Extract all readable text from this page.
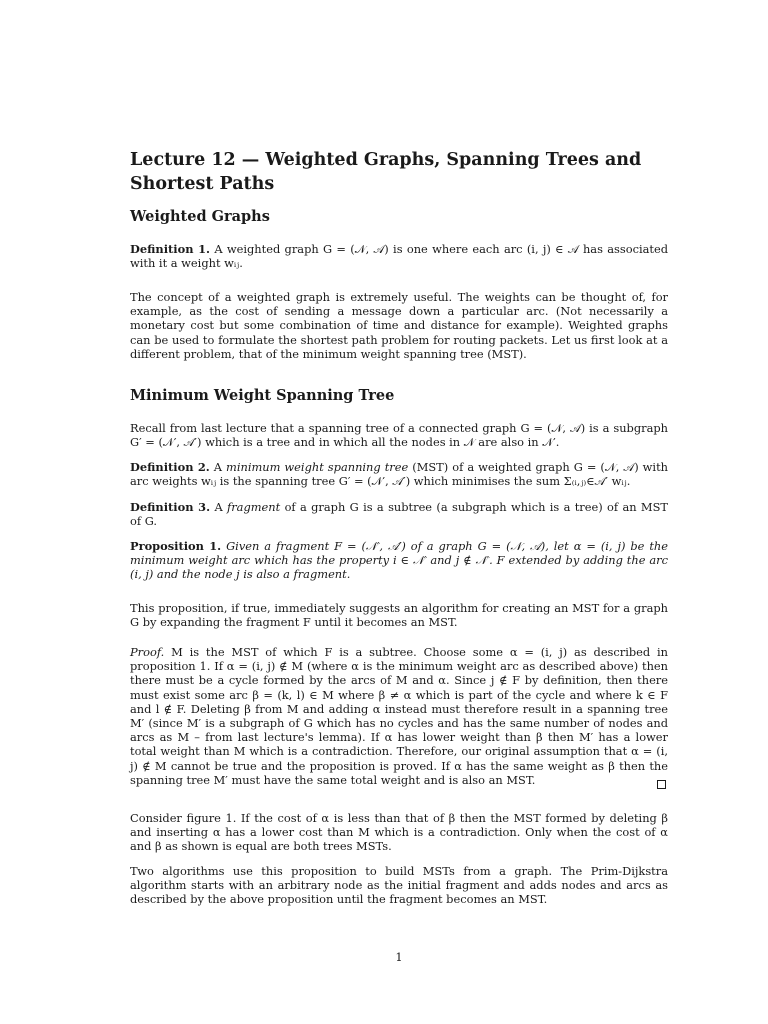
Lecture 12 — Weighted Graphs, Spanning Trees and Shortest Paths
Weighted Graphs

Definition 1. A weighted graph G = (𝒩, 𝒜) is one where each arc (i, j) ∈ 𝒜 has associated with it a weight wᵢⱼ.

The concept of a weighted graph is extremely useful. The weights can be thought of, for example, as the cost of sending a message down a particular arc. (Not necessarily a monetary cost but some combination of time and distance for example). Weighted graphs can be used to formulate the shortest path problem for routing packets. Let us first look at a different problem, that of the minimum weight spanning tree (MST).

Minimum Weight Spanning Tree

Recall from last lecture that a spanning tree of a connected graph G = (𝒩, 𝒜) is a subgraph G′ = (𝒩′, 𝒜′) which is a tree and in which all the nodes in 𝒩 are also in 𝒩′.

Definition 2. A minimum weight spanning tree (MST) of a weighted graph G = (𝒩, 𝒜) with arc weights wᵢⱼ is the spanning tree G′ = (𝒩′, 𝒜′) which minimises the sum Σ₍ᵢ,ⱼ₎∈𝒜′ wᵢⱼ.

Definition 3. A fragment of a graph G is a subtree (a subgraph which is a tree) of an MST of G.

Proposition 1. Given a fragment F = (𝒩′, 𝒜′) of a graph G = (𝒩, 𝒜), let α = (i, j) be the minimum weight arc which has the property i ∈ 𝒩′ and j ∉ 𝒩′. F extended by adding the arc (i, j) and the node j is also a fragment.

This proposition, if true, immediately suggests an algorithm for creating an MST for a graph G by expanding the fragment F until it becomes an MST.

Proof. M is the MST of which F is a subtree. Choose some α = (i, j) as described in proposition 1. If α = (i, j) ∉ M (where α is the minimum weight arc as described above) then there must be a cycle formed by the arcs of M and α. Since j ∉ F by definition, then there must exist some arc β = (k, l) ∈ M where β ≠ α which is part of the cycle and where k ∈ F and l ∉ F. Deleting β from M and adding α instead must therefore result in a spanning tree M′ (since M′ is a subgraph of G which has no cycles and has the same number of nodes and arcs as M – from last lecture's lemma). If α has lower weight than β then M′ has a lower total weight than M which is a contradiction. Therefore, our original assumption that α = (i, j) ∉ M cannot be true and the proposition is proved. If α has the same weight as β then the spanning tree M′ must have the same total weight and is also an MST.

Consider figure 1. If the cost of α is less than that of β then the MST formed by deleting β and inserting α has a lower cost than M which is a contradiction. Only when the cost of α and β as shown is equal are both trees MSTs.

Two algorithms use this proposition to build MSTs from a graph. The Prim-Dijkstra algorithm starts with an arbitrary node as the initial fragment and adds nodes and arcs as described by the above proposition until the fragment becomes an MST.

1
